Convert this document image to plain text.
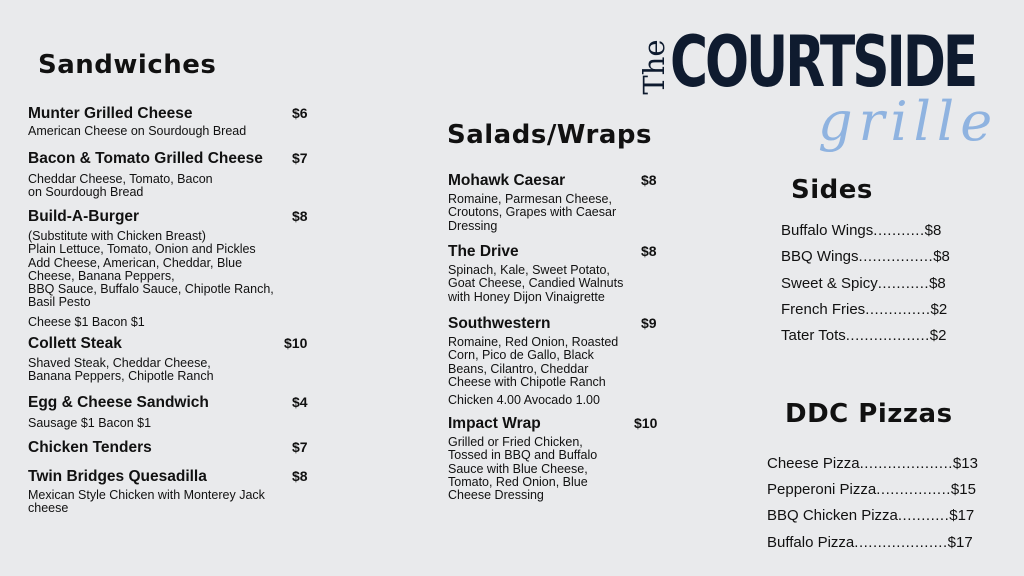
The COURTSIDE
grille
Sandwiches

Munter Grilled Cheese	$6

American Cheese on Sourdough Bread

Bacon & Tomato Grilled Cheese	$7

Cheddar Cheese, Tomato, Bacon
on Sourdough Bread

Build-A-Burger	$8

(Substitute with Chicken Breast)
Plain Lettuce, Tomato, Onion and Pickles
Add Cheese, American, Cheddar, Blue
Cheese, Banana Peppers,
BBQ Sauce, Buffalo Sauce, Chipotle Ranch,
Basil Pesto

Cheese $1 Bacon $1

Collett Steak	$10

Shaved Steak, Cheddar Cheese,
Banana Peppers, Chipotle Ranch

Egg & Cheese Sandwich	$4

Sausage $1 Bacon $1

Chicken Tenders	$7

Twin Bridges Quesadilla	$8

Mexican Style Chicken with Monterey Jack
cheese

Salads/Wraps

Mohawk Caesar	$8

Romaine, Parmesan Cheese,
Croutons, Grapes with Caesar
Dressing

The Drive	$8

Spinach, Kale, Sweet Potato,
Goat Cheese, Candied Walnuts
with Honey Dijon Vinaigrette

Southwestern	$9

Romaine, Red Onion, Roasted
Corn, Pico de Gallo, Black
Beans, Cilantro, Cheddar
Cheese with Chipotle Ranch

Chicken 4.00 Avocado 1.00

Impact Wrap	$10

Grilled or Fried Chicken,
Tossed in BBQ and Buffalo
Sauce with Blue Cheese,
Tomato, Red Onion, Blue
Cheese Dressing

Sides
Buffalo Wings...........$8
BBQ Wings................$8
Sweet & Spicy...........$8
French Fries..............$2
Tater Tots..................$2
DDC Pizzas
Cheese Pizza....................$13
Pepperoni Pizza................$15
BBQ Chicken Pizza...........$17
Buffalo Pizza....................$17
